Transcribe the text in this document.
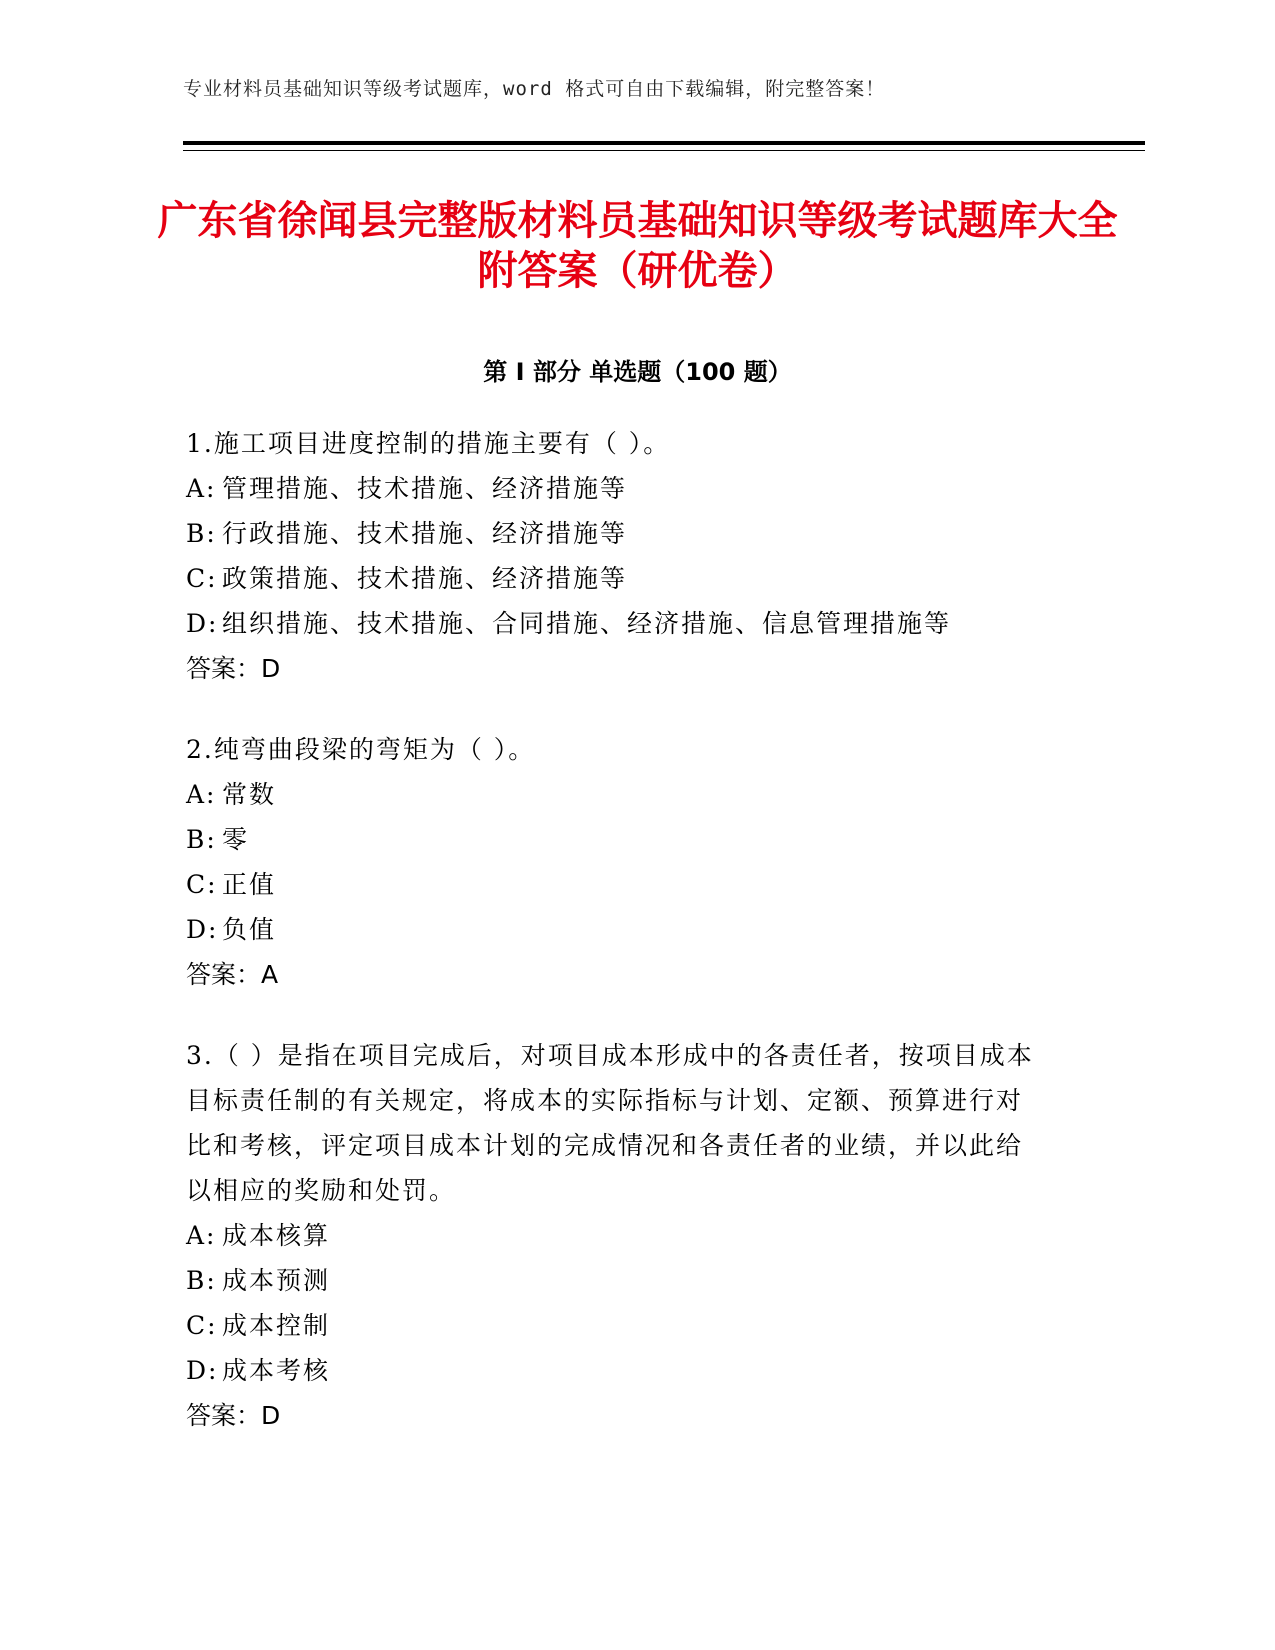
专业材料员基础知识等级考试题库，word 格式可自由下载编辑，附完整答案！
广东省徐闻县完整版材料员基础知识等级考试题库大全附答案（研优卷）
第 I 部分 单选题（100 题）

1.施工项目进度控制的措施主要有（ ）。

A: 管理措施、技术措施、经济措施等

B: 行政措施、技术措施、经济措施等

C: 政策措施、技术措施、经济措施等

D: 组织措施、技术措施、合同措施、经济措施、信息管理措施等

答案：D

2.纯弯曲段梁的弯矩为（ ）。

A: 常数

B: 零

C: 正值

D: 负值

答案：A

3.（ ）是指在项目完成后，对项目成本形成中的各责任者，按项目成本目标责任制的有关规定，将成本的实际指标与计划、定额、预算进行对比和考核，评定项目成本计划的完成情况和各责任者的业绩，并以此给以相应的奖励和处罚。

A: 成本核算

B: 成本预测

C: 成本控制

D: 成本考核

答案：D
